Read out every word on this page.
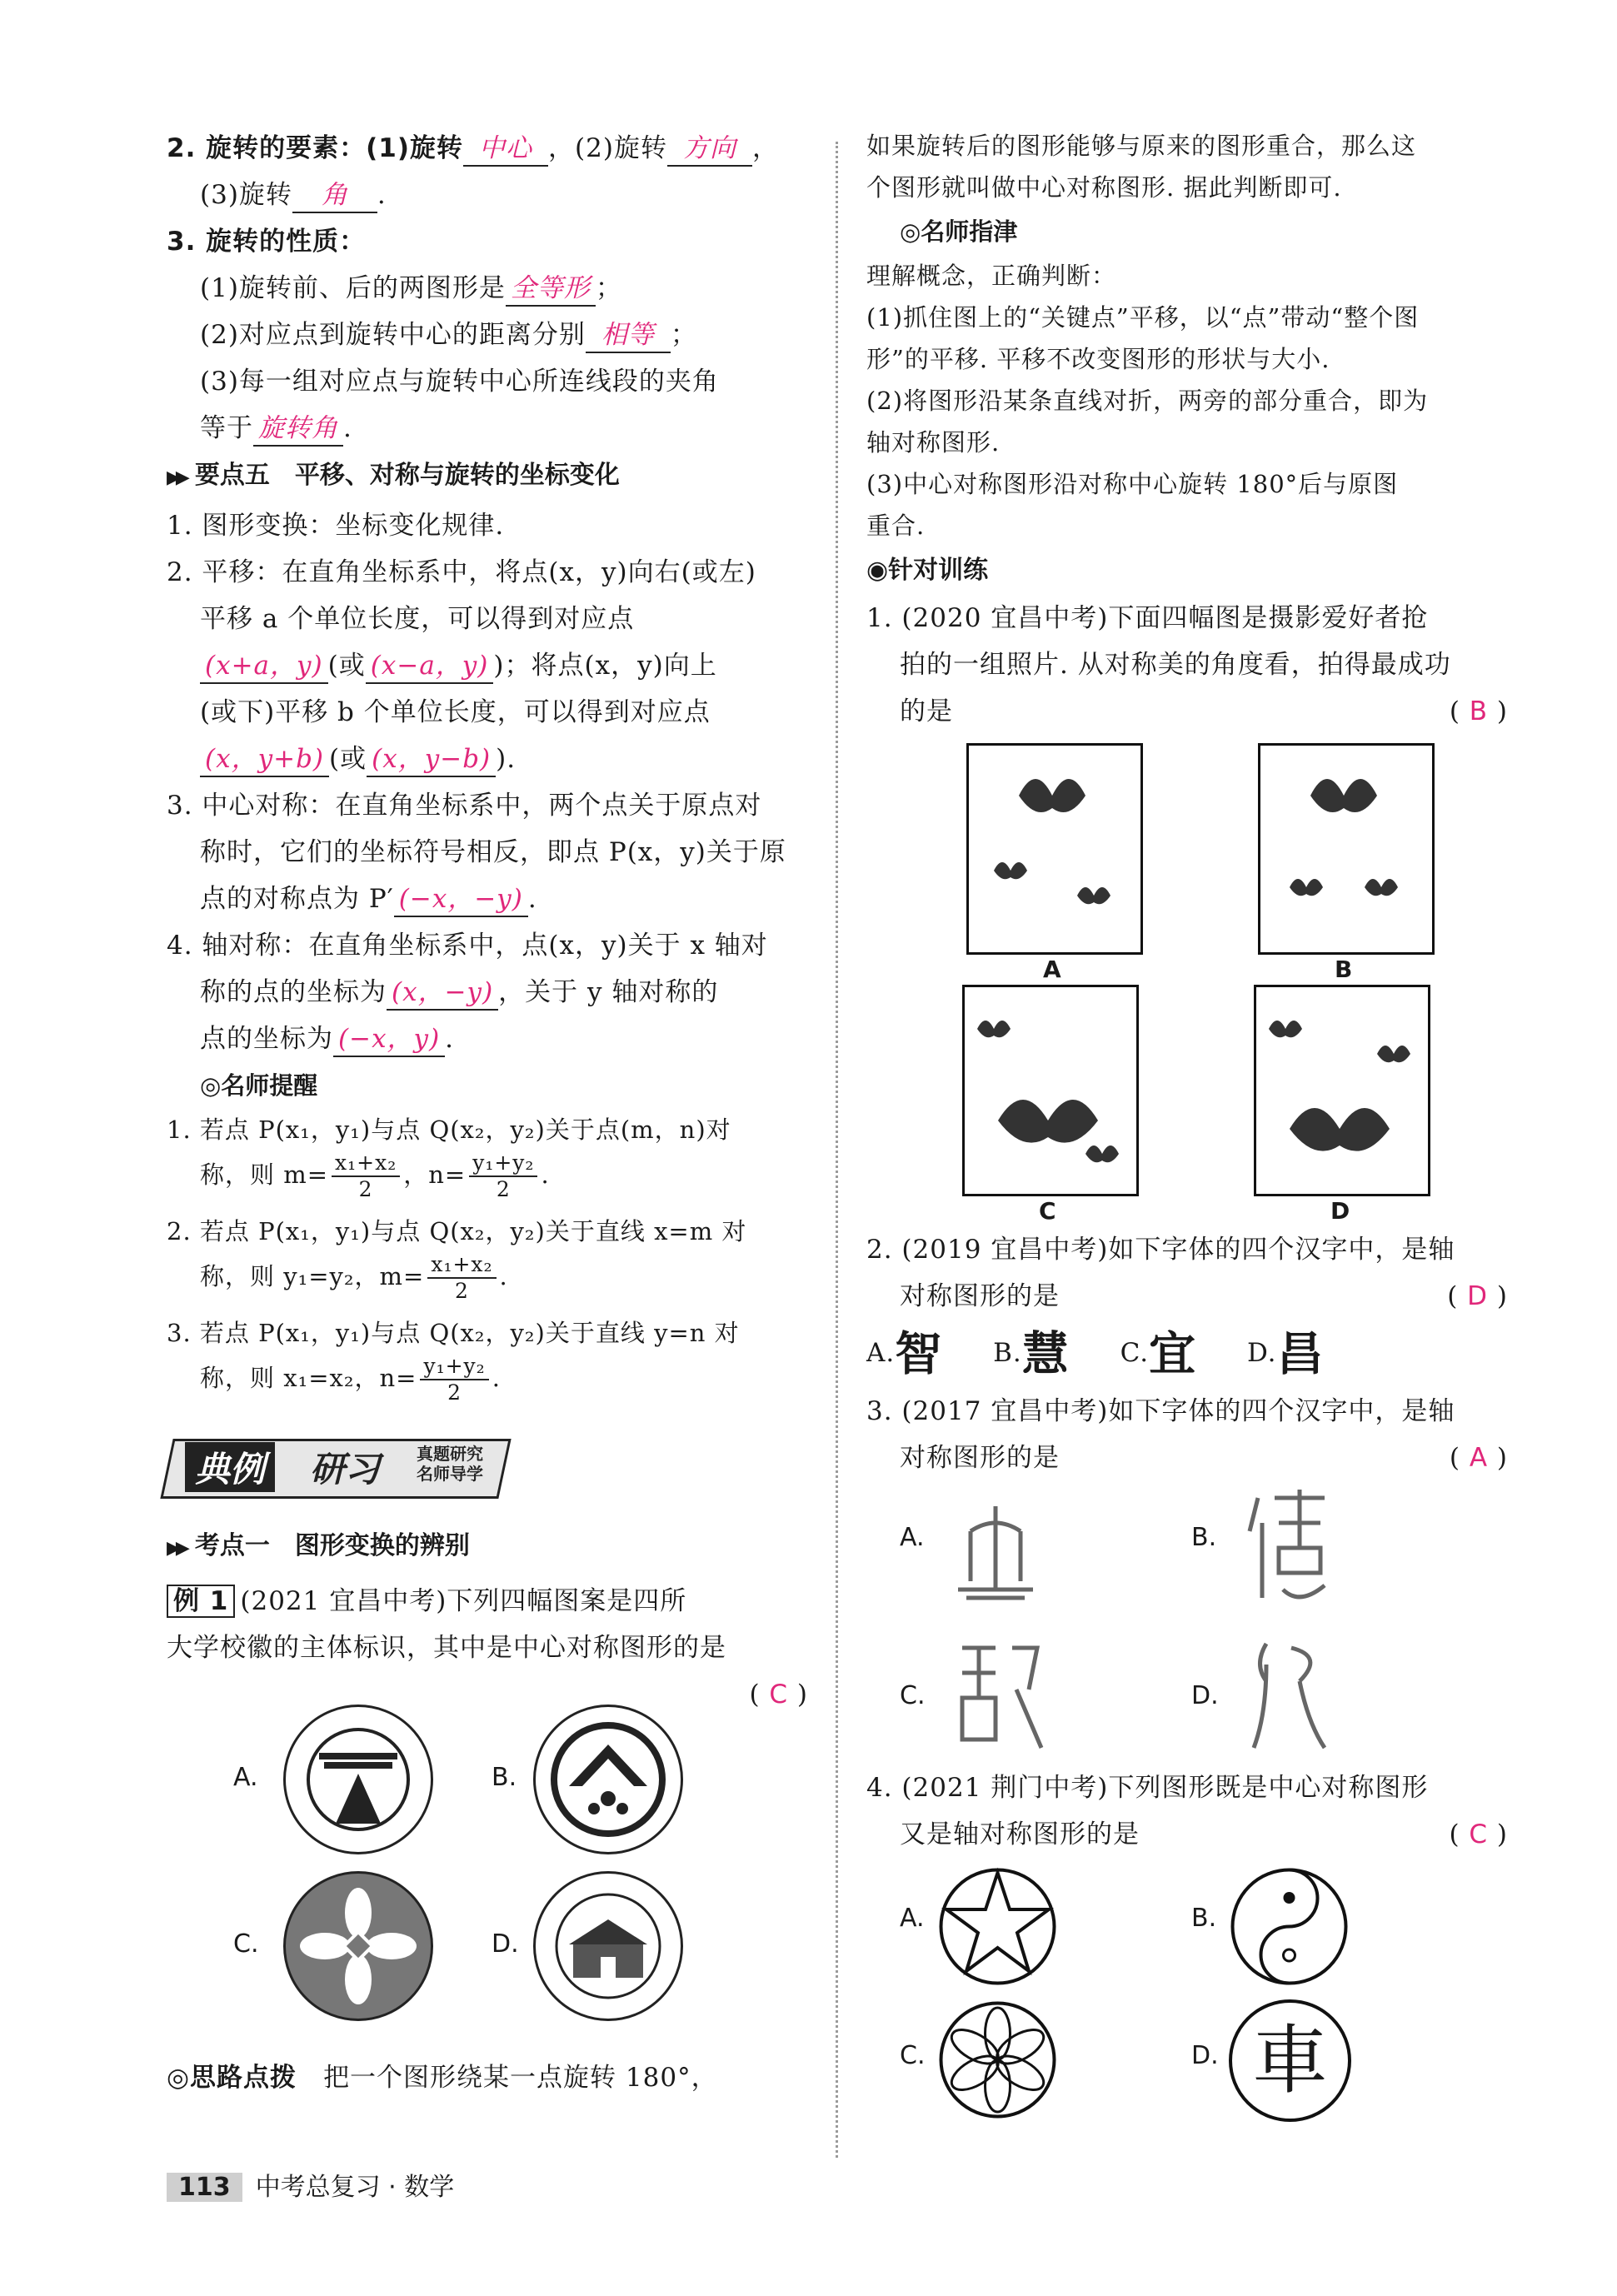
2. 旋转的要素：(1)旋转 中心 ，(2)旋转 方向 ，
(3)旋转 角 .
3. 旋转的性质：
(1)旋转前、后的两图形是 全等形 ；
(2)对应点到旋转中心的距离分别 相等 ；
(3)每一组对应点与旋转中心所连线段的夹角
等于 旋转角 .
▶▶ 要点五　平移、对称与旋转的坐标变化
1. 图形变换：坐标变化规律.
2. 平移：在直角坐标系中，将点(x，y)向右(或左)
平移 a 个单位长度，可以得到对应点
(x+a，y) (或 (x−a，y) )；将点(x，y)向上
(或下)平移 b 个单位长度，可以得到对应点
(x，y+b) (或 (x，y−b) ).
3. 中心对称：在直角坐标系中，两个点关于原点对
称时，它们的坐标符号相反，即点 P(x，y)关于原
点的对称点为 P′ (−x，−y) .
4. 轴对称：在直角坐标系中，点(x，y)关于 x 轴对
称的点的坐标为 (x，−y) ，关于 y 轴对称的
点的坐标为 (−x，y) .
◎名师提醒
1. 若点 P(x₁，y₁)与点 Q(x₂，y₂)关于点(m，n)对
称，则 $m= \frac{\text{x₁+x₂}}{2}$ ，$n= \frac{\text{y₁+y₂}}{2}$ .
2. 若点 P(x₁，y₁)与点 Q(x₂，y₂)关于直线 x=m 对
称，则 y₁=y₂，$m= \frac{\text{x₁+x₂}}{2}$ .
3. 若点 P(x₁，y₁)与点 Q(x₂，y₂)关于直线 y=n 对
称，则 x₁=x₂，$n= \frac{\text{y₁+y₂}}{2}$ .
典例 研习 真题研究
名师导学
▶▶ 考点一　图形变换的辨别
例 1 (2021 宜昌中考)下列四幅图案是四所
大学校徽的主体标识，其中是中心对称图形的是
( C )
A.	B.
C.	D.
◎思路点拨　 把一个图形绕某一点旋转 180°，
如果旋转后的图形能够与原来的图形重合，那么这
个图形就叫做中心对称图形. 据此判断即可.
◎名师指津
理解概念，正确判断：
(1)抓住图上的“关键点”平移，以“点”带动“整个图
形”的平移. 平移不改变图形的形状与大小.
(2)将图形沿某条直线对折，两旁的部分重合，即为
轴对称图形.
(3)中心对称图形沿对称中心旋转 180°后与原图
重合.
◉针对训练
1. (2020 宜昌中考)下面四幅图是摄影爱好者抢
拍的一组照片. 从对称美的角度看，拍得最成功
的是	( B )
A	B
C	D
2. (2019 宜昌中考)如下字体的四个汉字中，是轴
对称图形的是	( D )
A.智 B.慧 C.宜 D.昌
3. (2017 宜昌中考)如下字体的四个汉字中，是轴
对称图形的是	( A )
A.	B.
C.	D.
4. (2021 荆门中考)下列图形既是中心对称图形
又是轴对称图形的是	( C )
A.	B.
C.	D. 車
113 中考总复习 · 数学
